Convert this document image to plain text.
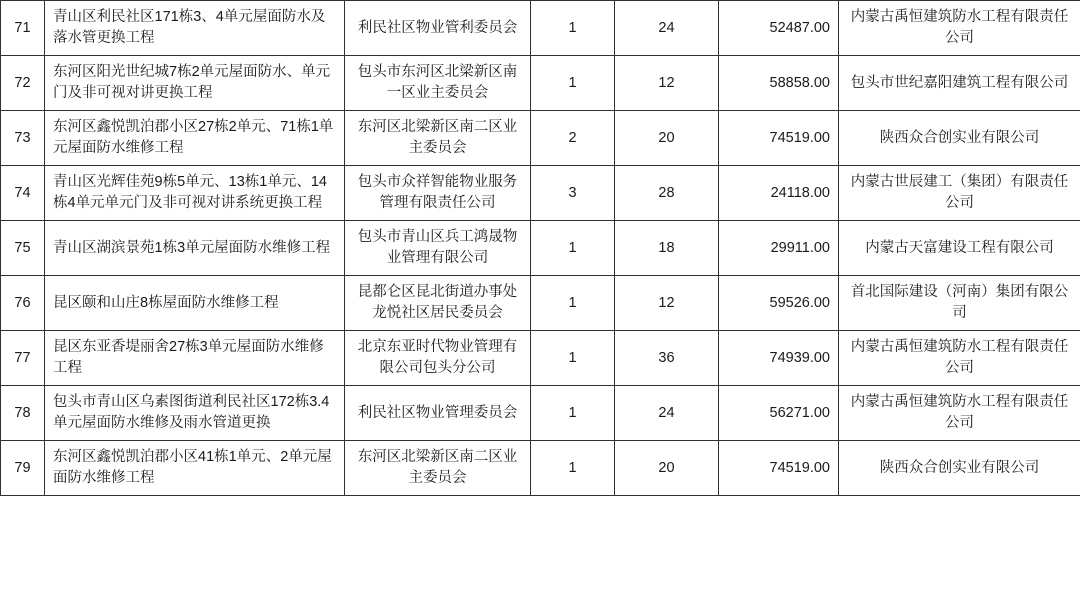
71	青山区利民社区171栋3、4单元屋面防水及落水管更换工程	利民社区物业管利委员会	1	24	52487.00	内蒙古禹恒建筑防水工程有限责任公司
72	东河区阳光世纪城7栋2单元屋面防水、单元门及非可视对讲更换工程	包头市东河区北梁新区南一区业主委员会	1	12	58858.00	包头市世纪嘉阳建筑工程有限公司
73	东河区鑫悦凯泊郡小区27栋2单元、71栋1单元屋面防水维修工程	东河区北梁新区南二区业主委员会	2	20	74519.00	陕西众合创实业有限公司
74	青山区光辉佳苑9栋5单元、13栋1单元、14栋4单元单元门及非可视对讲系统更换工程	包头市众祥智能物业服务管理有限责任公司	3	28	24118.00	内蒙古世辰建工（集团）有限责任公司
75	青山区湖滨景苑1栋3单元屋面防水维修工程	包头市青山区兵工鸿晟物业管理有限公司	1	18	29911.00	内蒙古天富建设工程有限公司
76	昆区颐和山庄8栋屋面防水维修工程	昆都仑区昆北街道办事处龙悦社区居民委员会	1	12	59526.00	首北国际建设（河南）集团有限公司
77	昆区东亚香堤丽舍27栋3单元屋面防水维修工程	北京东亚时代物业管理有限公司包头分公司	1	36	74939.00	内蒙古禹恒建筑防水工程有限责任公司
78	包头市青山区乌素图街道利民社区172栋3.4单元屋面防水维修及雨水管道更换	利民社区物业管理委员会	1	24	56271.00	内蒙古禹恒建筑防水工程有限责任公司
79	东河区鑫悦凯泊郡小区41栋1单元、2单元屋面防水维修工程	东河区北梁新区南二区业主委员会	1	20	74519.00	陕西众合创实业有限公司
